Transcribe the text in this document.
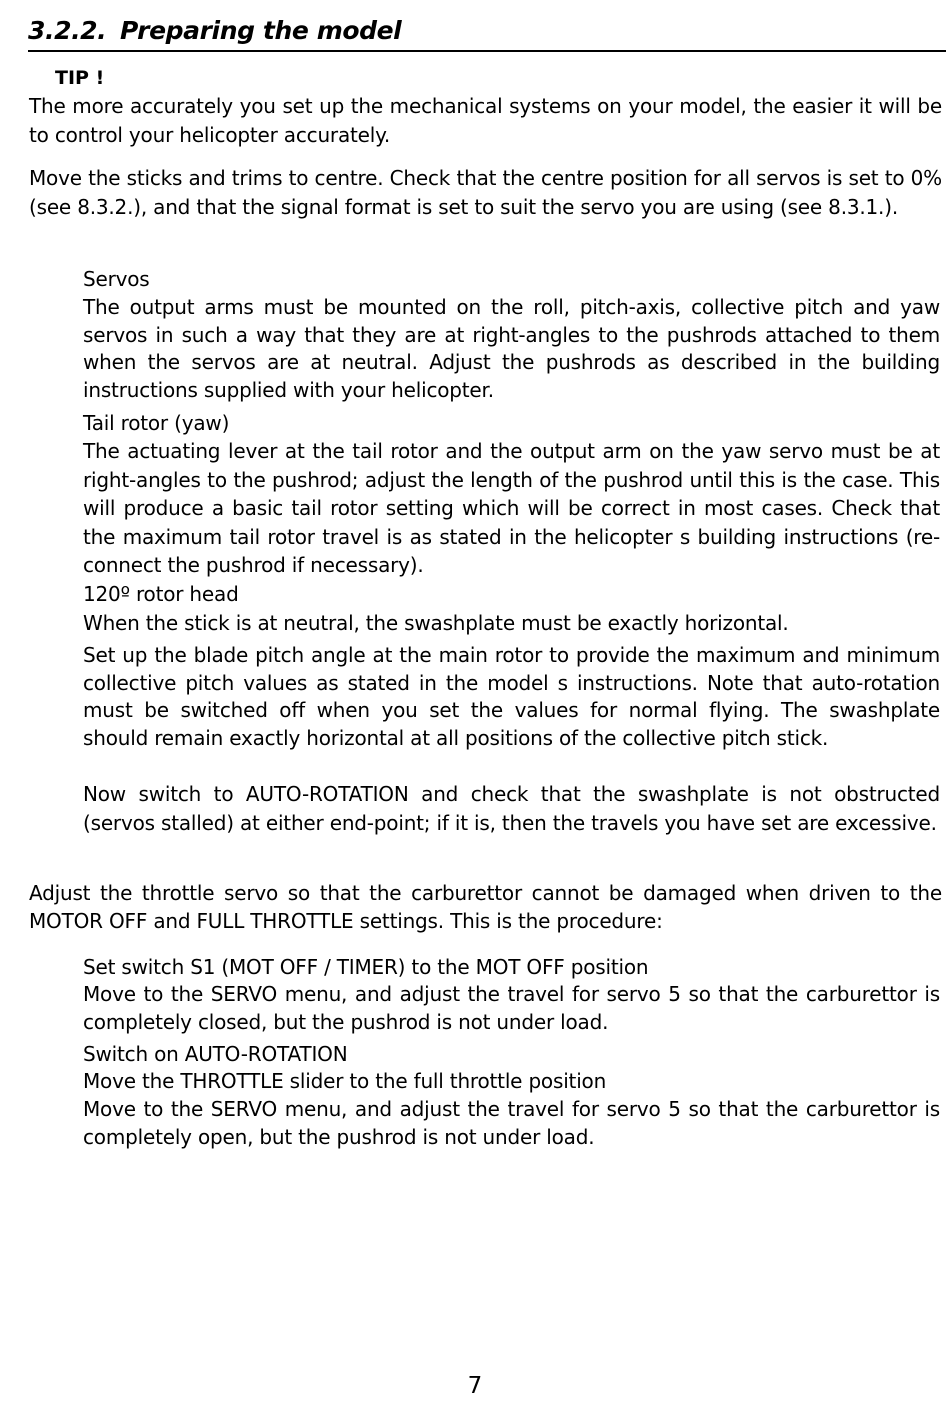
3.2.2. Preparing the model
TIP !

The more accurately you set up the mechanical systems on your model, the easier it will be to control your helicopter accurately.

Move the sticks and trims to centre. Check that the centre position for all servos is set to 0% (see 8.3.2.), and that the signal format is set to suit the servo you are using (see 8.3.1.).

Servos

The output arms must be mounted on the roll, pitch-axis, collective pitch and yaw servos in such a way that they are at right-angles to the pushrods attached to them when the servos are at neutral. Adjust the pushrods as described in the building instructions supplied with your helicopter.

Tail rotor (yaw)

The actuating lever at the tail rotor and the output arm on the yaw servo must be at right-angles to the pushrod; adjust the length of the pushrod until this is the case. This will produce a basic tail rotor setting which will be correct in most cases. Check that the maximum tail rotor travel is as stated in the helicopter s building instructions (re-connect the pushrod if necessary).

120º rotor head
When the stick is at neutral, the swashplate must be exactly horizontal.

Set up the blade pitch angle at the main rotor to provide the maximum and minimum collective pitch values as stated in the model s instructions. Note that auto-rotation must be switched off when you set the values for normal flying. The swashplate should remain exactly horizontal at all positions of the collective pitch stick.

Now switch to AUTO-ROTATION and check that the swashplate is not obstructed (servos stalled) at either end-point; if it is, then the travels you have set are excessive.

Adjust the throttle servo so that the carburettor cannot be damaged when driven to the MOTOR OFF and FULL THROTTLE settings. This is the procedure:

Set switch S1 (MOT OFF / TIMER) to the MOT OFF position

Move to the SERVO menu, and adjust the travel for servo 5 so that the carburettor is completely closed, but the pushrod is not under load.

Switch on AUTO-ROTATION
Move the THROTTLE slider to the full throttle position

Move to the SERVO menu, and adjust the travel for servo 5 so that the carburettor is completely open, but the pushrod is not under load.

7
